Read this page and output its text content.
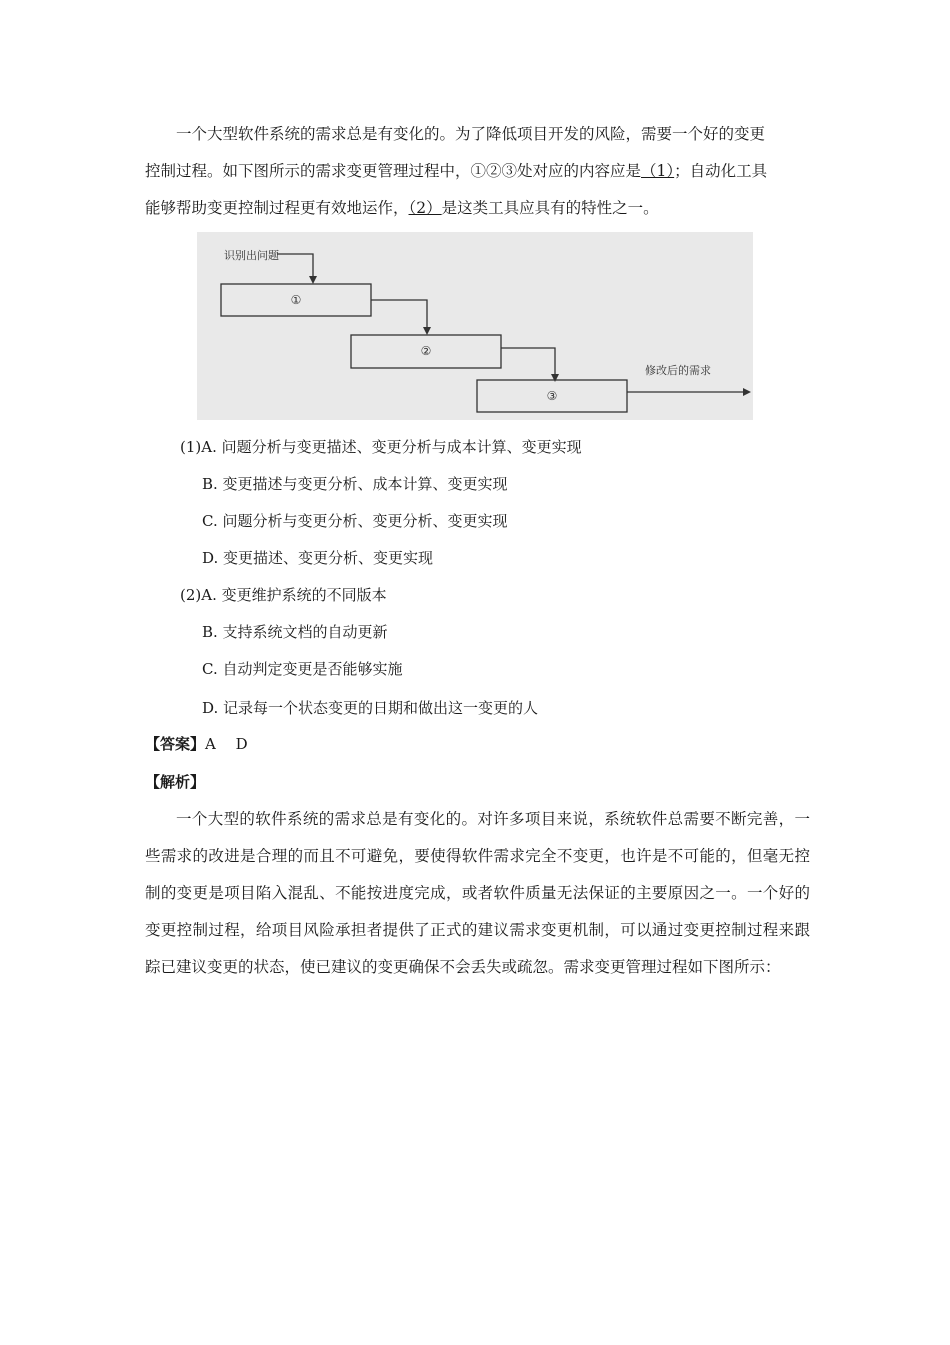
一个大型软件系统的需求总是有变化的。为了降低项目开发的风险，需要一个好的变更
控制过程。如下图所示的需求变更管理过程中，①②③处对应的内容应是（1）；自动化工具
能够帮助变更控制过程更有效地运作，（2）是这类工具应具有的特性之一。
识别出问题
①
②
③
修改后的需求
(1)A. 问题分析与变更描述、变更分析与成本计算、变更实现
B. 变更描述与变更分析、成本计算、变更实现
C. 问题分析与变更分析、变更分析、变更实现
D. 变更描述、变更分析、变更实现
(2)A. 变更维护系统的不同版本
B. 支持系统文档的自动更新
C. 自动判定变更是否能够实施
D. 记录每一个状态变更的日期和做出这一变更的人
【答案】A　 D
【解析】
一个大型的软件系统的需求总是有变化的。对许多项目来说，系统软件总需要不断完善，一些需求的改进是合理的而且不可避免，要使得软件需求完全不变更，也许是不可能的，但毫无控制的变更是项目陷入混乱、不能按进度完成，或者软件质量无法保证的主要原因之一。一个好的变更控制过程，给项目风险承担者提供了正式的建议需求变更机制，可以通过变更控制过程来跟踪已建议变更的状态，使已建议的变更确保不会丢失或疏忽。需求变更管理过程如下图所示：
